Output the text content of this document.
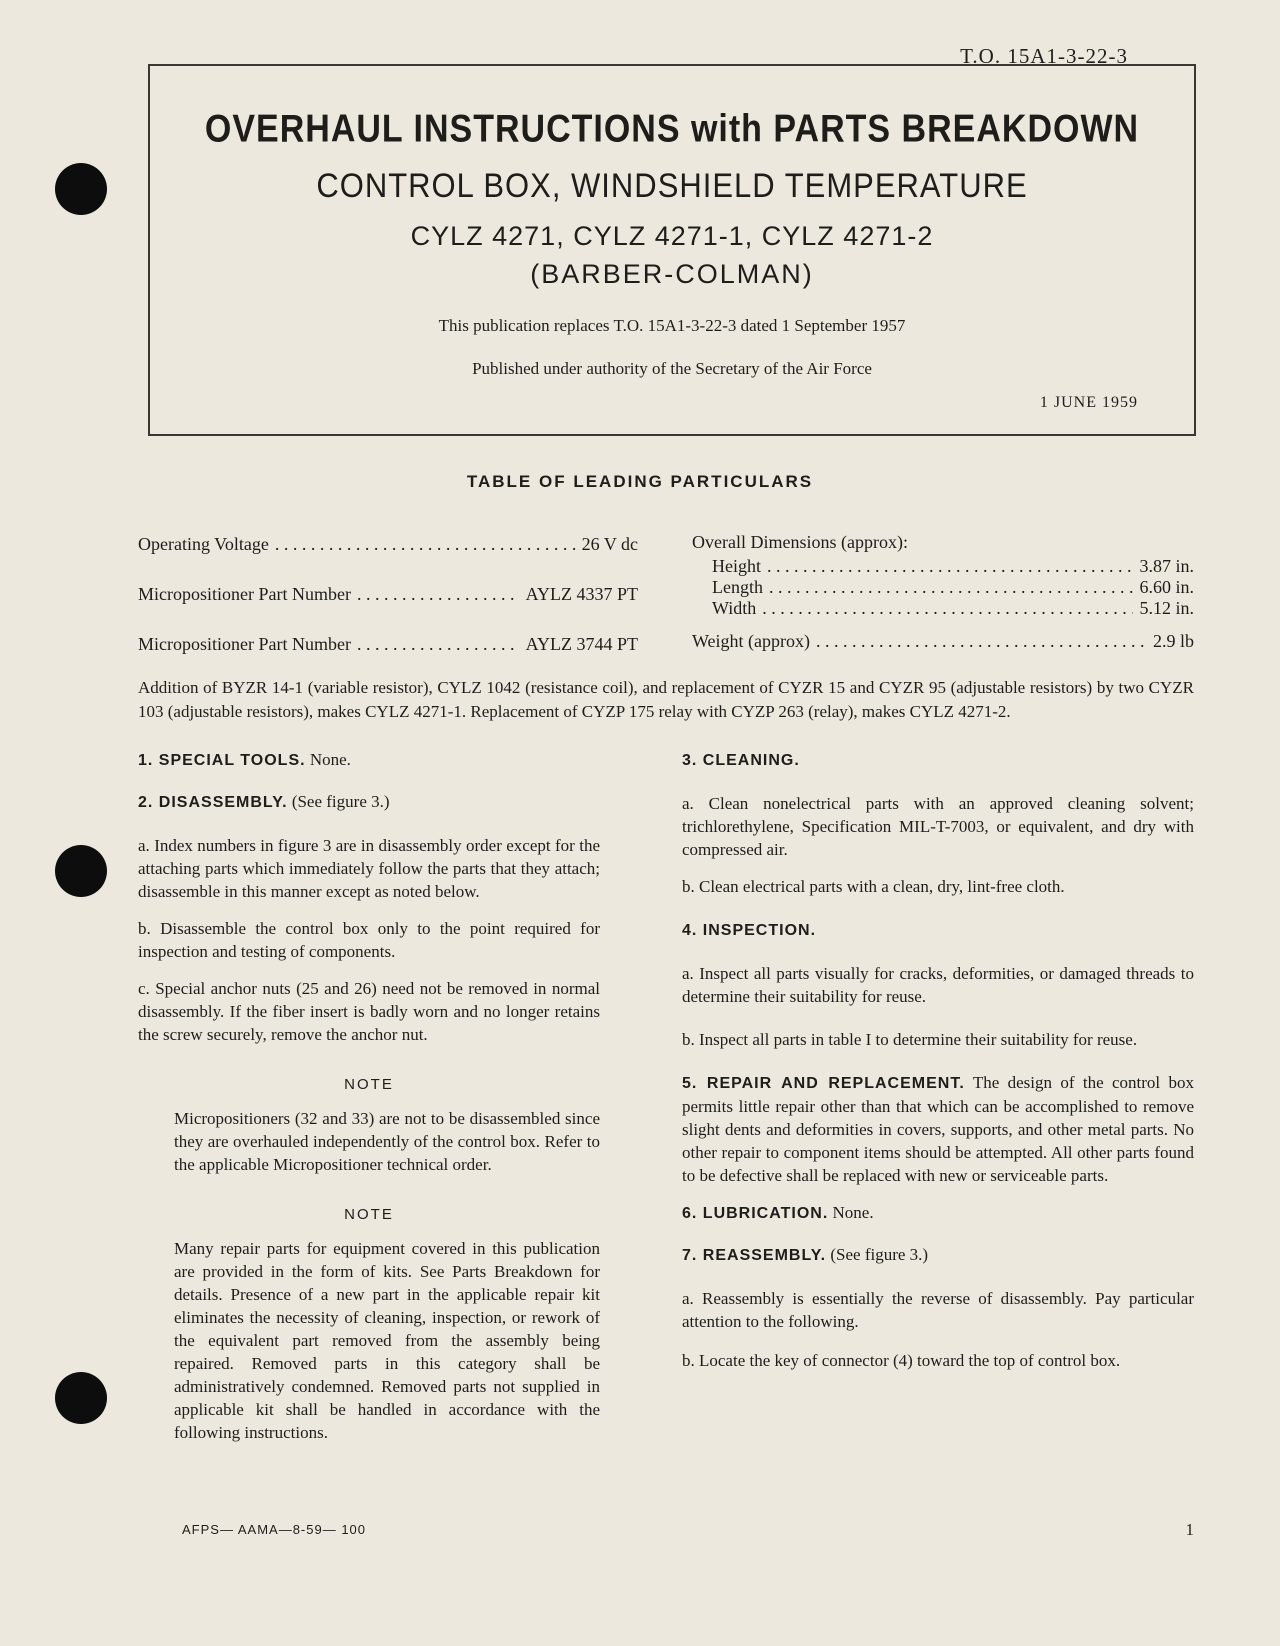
T.O. 15A1-3-22-3
OVERHAUL INSTRUCTIONS with PARTS BREAKDOWN
CONTROL BOX, WINDSHIELD TEMPERATURE
CYLZ 4271, CYLZ 4271-1, CYLZ 4271-2
(BARBER-COLMAN)
This publication replaces T.O. 15A1-3-22-3 dated 1 September 1957
Published under authority of the Secretary of the Air Force
1 JUNE 1959
TABLE OF LEADING PARTICULARS
Operating Voltage . . .	26 V dc
Micropositioner Part Number . . .	AYLZ 4337 PT
Micropositioner Part Number . . .	AYLZ 3744 PT
Overall Dimensions (approx):
Height . . .	3.87 in.
Length . . .	6.60 in.
Width . . .	5.12 in.
Weight (approx) . . .	2.9 lb
Addition of BYZR 14-1 (variable resistor), CYLZ 1042 (resistance coil), and replacement of CYZR 15 and CYZR 95 (adjustable resistors) by two CYZR 103 (adjustable resistors), makes CYLZ 4271-1. Replacement of CYZP 175 relay with CYZP 263 (relay), makes CYLZ 4271-2.

1. SPECIAL TOOLS. None.

2. DISASSEMBLY. (See figure 3.)

a. Index numbers in figure 3 are in disassembly order except for the attaching parts which immediately follow the parts that they attach; disassemble in this manner except as noted below.

b. Disassemble the control box only to the point required for inspection and testing of components.

c. Special anchor nuts (25 and 26) need not be removed in normal disassembly. If the fiber insert is badly worn and no longer retains the screw securely, remove the anchor nut.

NOTE

Micropositioners (32 and 33) are not to be disassembled since they are overhauled independently of the control box. Refer to the applicable Micropositioner technical order.

NOTE

Many repair parts for equipment covered in this publication are provided in the form of kits. See Parts Breakdown for details. Presence of a new part in the applicable repair kit eliminates the necessity of cleaning, inspection, or rework of the equivalent part removed from the assembly being repaired. Removed parts in this category shall be administratively condemned. Removed parts not supplied in applicable kit shall be handled in accordance with the following instructions.

3. CLEANING.

a. Clean nonelectrical parts with an approved cleaning solvent; trichlorethylene, Specification MIL-T-7003, or equivalent, and dry with compressed air.

b. Clean electrical parts with a clean, dry, lint-free cloth.

4. INSPECTION.

a. Inspect all parts visually for cracks, deformities, or damaged threads to determine their suitability for reuse.

b. Inspect all parts in table I to determine their suitability for reuse.

5. REPAIR AND REPLACEMENT. The design of the control box permits little repair other than that which can be accomplished to remove slight dents and deformities in covers, supports, and other metal parts. No other repair to component items should be attempted. All other parts found to be defective shall be replaced with new or serviceable parts.

6. LUBRICATION. None.

7. REASSEMBLY. (See figure 3.)

a. Reassembly is essentially the reverse of disassembly. Pay particular attention to the following.

b. Locate the key of connector (4) toward the top of control box.

AFPS— AAMA—8-59— 100	1
